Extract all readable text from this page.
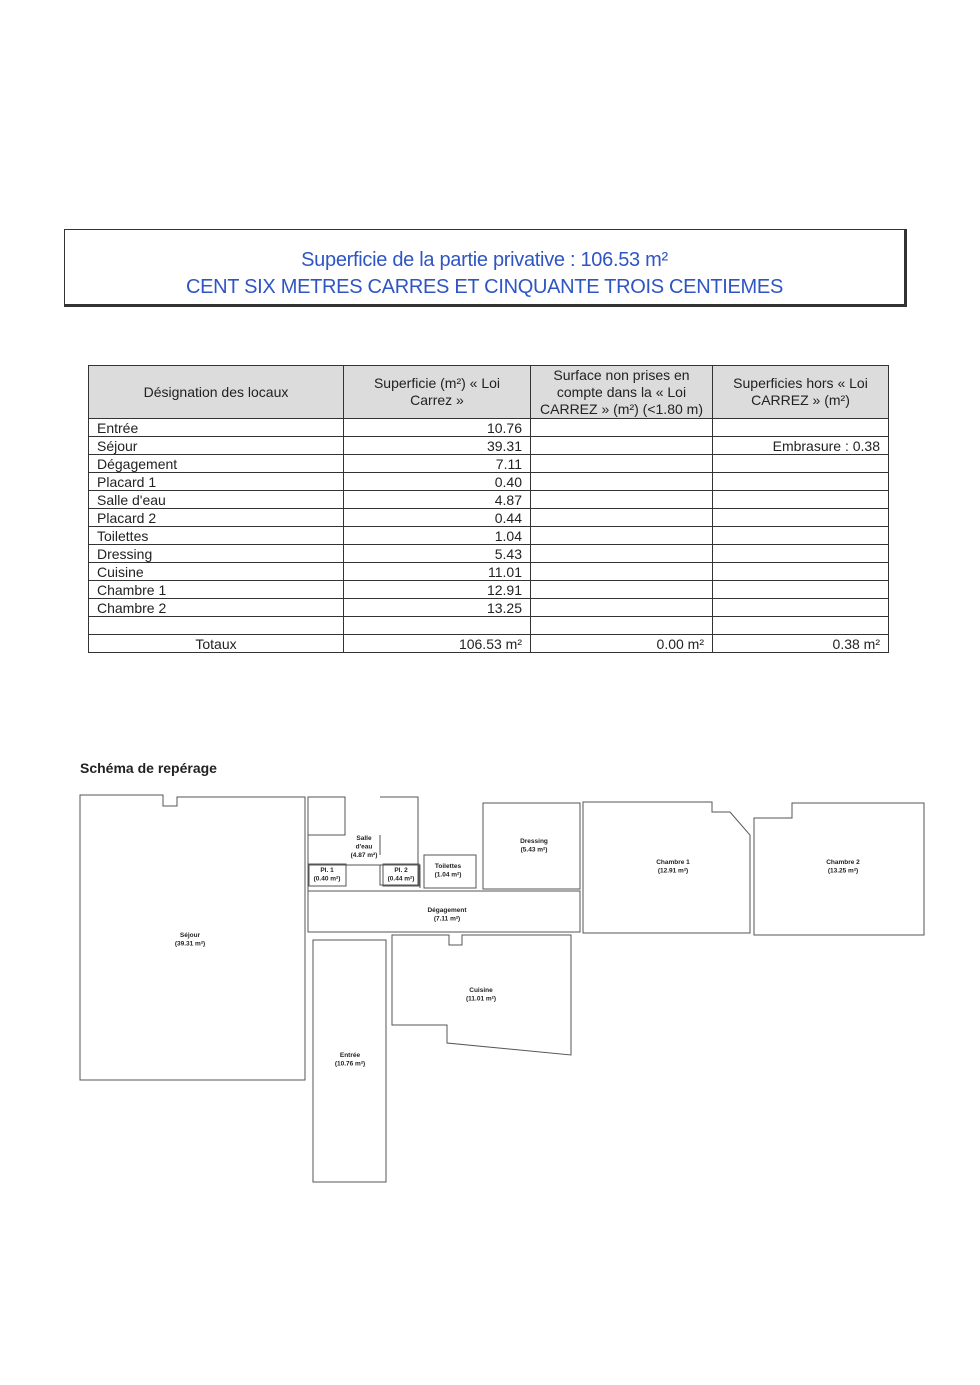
Superficie de la partie privative : 106.53 m²
CENT SIX METRES CARRES ET CINQUANTE TROIS CENTIEMES
Désignation des locaux	Superficie (m²) « Loi Carrez »	Surface non prises en compte dans la « Loi CARREZ » (m²) (<1.80 m)	Superficies hors « Loi CARREZ » (m²)
Entrée	10.76		
Séjour	39.31		Embrasure : 0.38
Dégagement	7.11		
Placard 1	0.40		
Salle d'eau	4.87		
Placard 2	0.44		
Toilettes	1.04		
Dressing	5.43		
Cuisine	11.01		
Chambre 1	12.91		
Chambre 2	13.25		

Totaux	106.53 m²	0.00 m²	0.38 m²
Schéma de repérage
Séjour
(39.31 m²)
Salle
d'eau
(4.87 m²)
Pl. 1
(0.40 m²)
Pl. 2
(0.44 m²)
Toilettes
(1.04 m²)
Dressing
(5.43 m²)
Chambre 1
(12.91 m²)
Chambre 2
(13.25 m²)
Dégagement
(7.11 m²)
Cuisine
(11.01 m²)
Entrée
(10.76 m²)
